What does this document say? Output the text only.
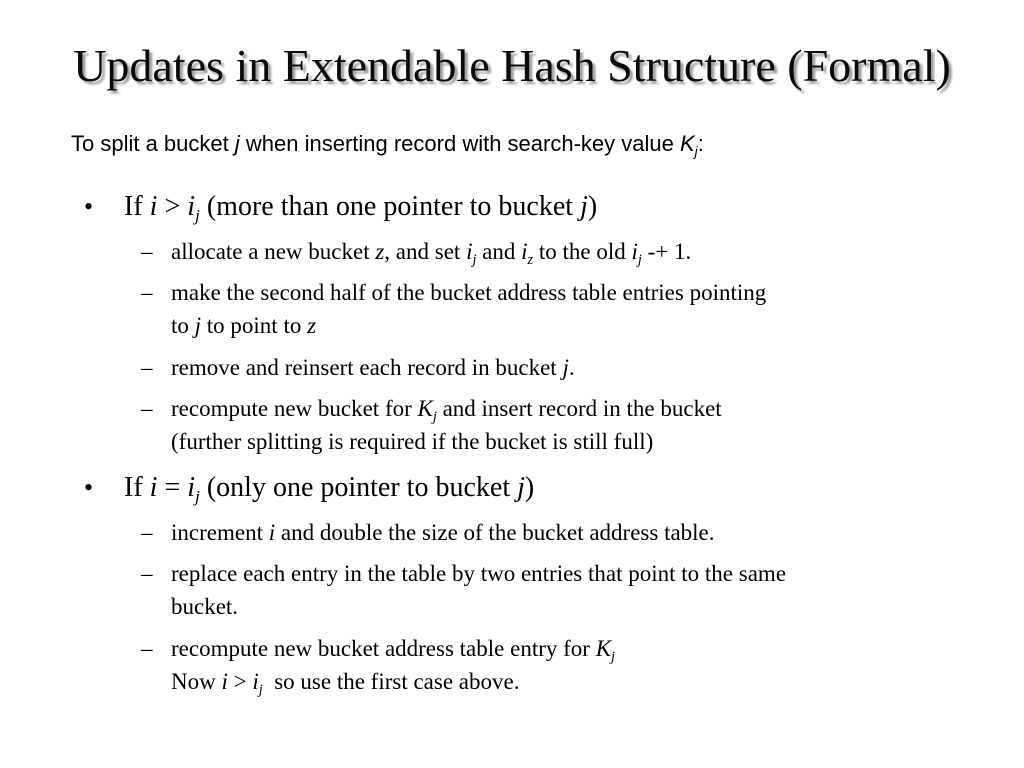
Updates in Extendable Hash Structure (Formal)
To split a bucket j when inserting record with search-key value $K_j$:
• If $i > i_j$ (more than one pointer to bucket j)
– allocate a new bucket z, and set $i_j$ and $i_z$ to the old $i_j -+ 1$.
– make the second half of the bucket address table entries pointing
to j to point to z
– remove and reinsert each record in bucket j.
– recompute new bucket for $K_j$ and insert record in the bucket
(further splitting is required if the bucket is still full)
• If $i = i_j$ (only one pointer to bucket j)
– increment i and double the size of the bucket address table.
– replace each entry in the table by two entries that point to the same
bucket.
– recompute new bucket address table entry for $K_j$
Now $i > i_j$  so use the first case above.
